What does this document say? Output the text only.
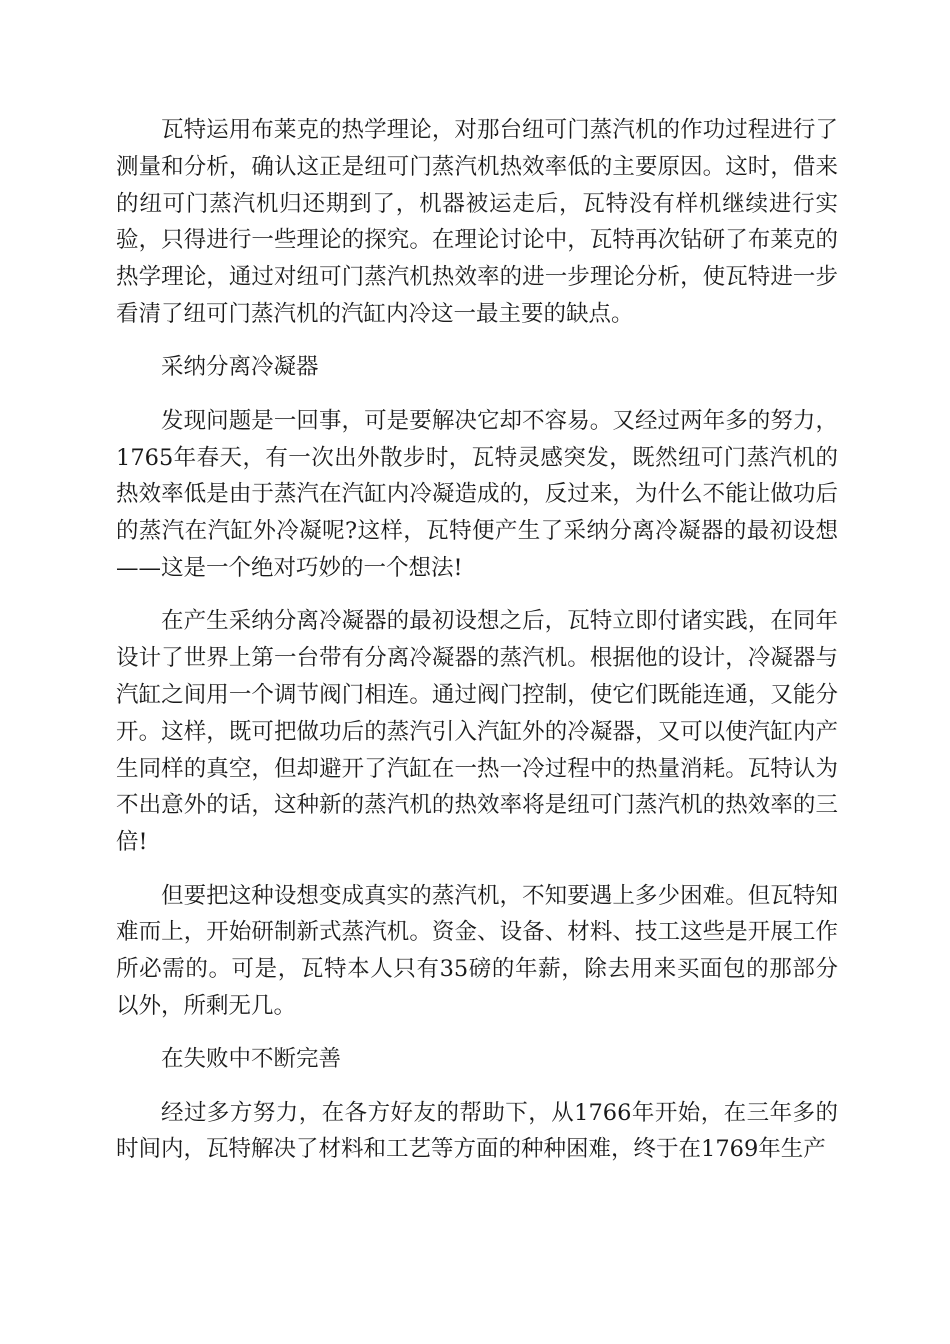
瓦特运用布莱克的热学理论，对那台纽可门蒸汽机的作功过程进行了测量和分析，确认这正是纽可门蒸汽机热效率低的主要原因。这时，借来的纽可门蒸汽机归还期到了，机器被运走后，瓦特没有样机继续进行实验，只得进行一些理论的探究。在理论讨论中，瓦特再次钻研了布莱克的热学理论，通过对纽可门蒸汽机热效率的进一步理论分析，使瓦特进一步看清了纽可门蒸汽机的汽缸内冷这一最主要的缺点。

采纳分离冷凝器

发现问题是一回事，可是要解决它却不容易。又经过两年多的努力，1765年春天，有一次出外散步时，瓦特灵感突发，既然纽可门蒸汽机的热效率低是由于蒸汽在汽缸内冷凝造成的，反过来，为什么不能让做功后的蒸汽在汽缸外冷凝呢?这样，瓦特便产生了采纳分离冷凝器的最初设想——这是一个绝对巧妙的一个想法!

在产生采纳分离冷凝器的最初设想之后，瓦特立即付诸实践，在同年设计了世界上第一台带有分离冷凝器的蒸汽机。根据他的设计，冷凝器与汽缸之间用一个调节阀门相连。通过阀门控制，使它们既能连通，又能分开。这样，既可把做功后的蒸汽引入汽缸外的冷凝器，又可以使汽缸内产生同样的真空，但却避开了汽缸在一热一冷过程中的热量消耗。瓦特认为不出意外的话，这种新的蒸汽机的热效率将是纽可门蒸汽机的热效率的三倍!

但要把这种设想变成真实的蒸汽机，不知要遇上多少困难。但瓦特知难而上，开始研制新式蒸汽机。资金、设备、材料、技工这些是开展工作所必需的。可是，瓦特本人只有35磅的年薪，除去用来买面包的那部分以外，所剩无几。

在失败中不断完善

经过多方努力，在各方好友的帮助下，从1766年开始，在三年多的时间内，瓦特解决了材料和工艺等方面的种种困难，终于在1769年生产
